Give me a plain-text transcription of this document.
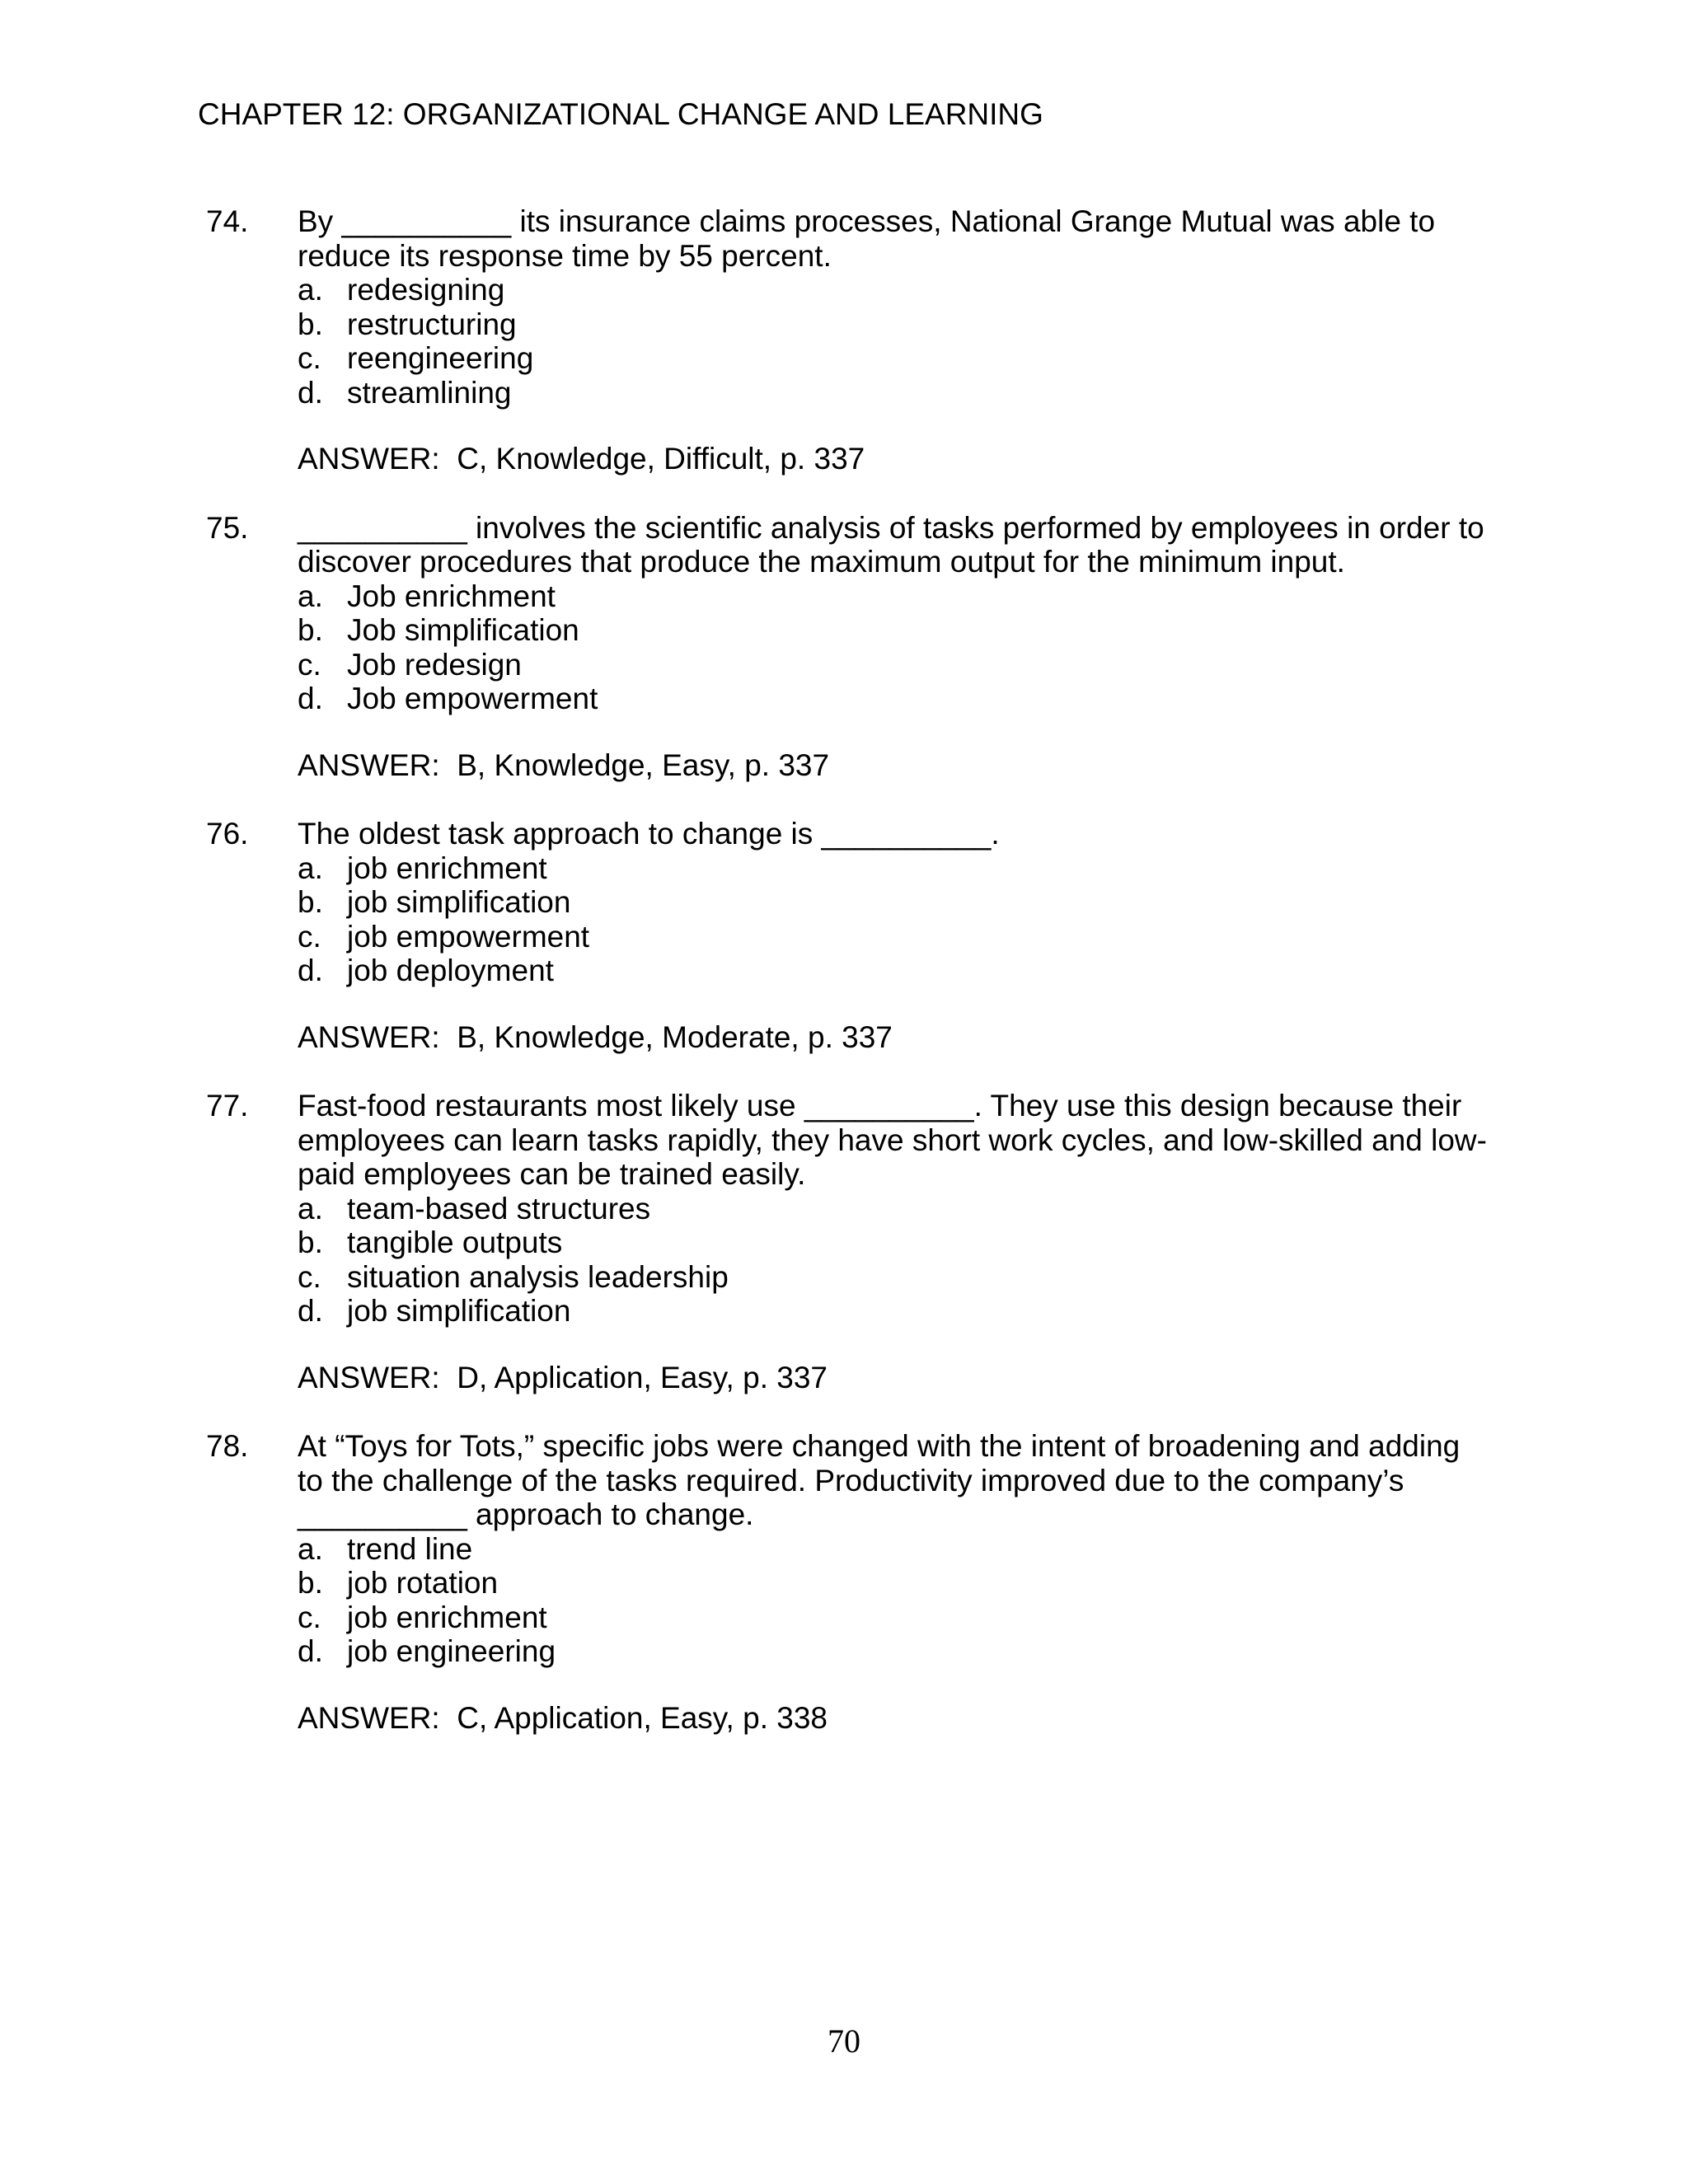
CHAPTER 12: ORGANIZATIONAL CHANGE AND LEARNING
74. By __________ its insurance claims processes, National Grange Mutual was able to reduce its response time by 55 percent.

a. redesigning
b. restructuring
c. reengineering
d. streamlining
ANSWER:  C, Knowledge, Difficult, p. 337
75. __________ involves the scientific analysis of tasks performed by employees in order to discover procedures that produce the maximum output for the minimum input.

a. Job enrichment
b. Job simplification
c. Job redesign
d. Job empowerment
ANSWER:  B, Knowledge, Easy, p. 337
76. The oldest task approach to change is __________.

a. job enrichment
b. job simplification
c. job empowerment
d. job deployment
ANSWER:  B, Knowledge, Moderate, p. 337
77. Fast-food restaurants most likely use __________. They use this design because their employees can learn tasks rapidly, they have short work cycles, and low-skilled and low-paid employees can be trained easily.

a. team-based structures
b. tangible outputs
c. situation analysis leadership
d. job simplification
ANSWER:  D, Application, Easy, p. 337
78. At “Toys for Tots,” specific jobs were changed with the intent of broadening and adding to the challenge of the tasks required. Productivity improved due to the company’s __________ approach to change.

a. trend line
b. job rotation
c. job enrichment
d. job engineering
ANSWER:  C, Application, Easy, p. 338
70
